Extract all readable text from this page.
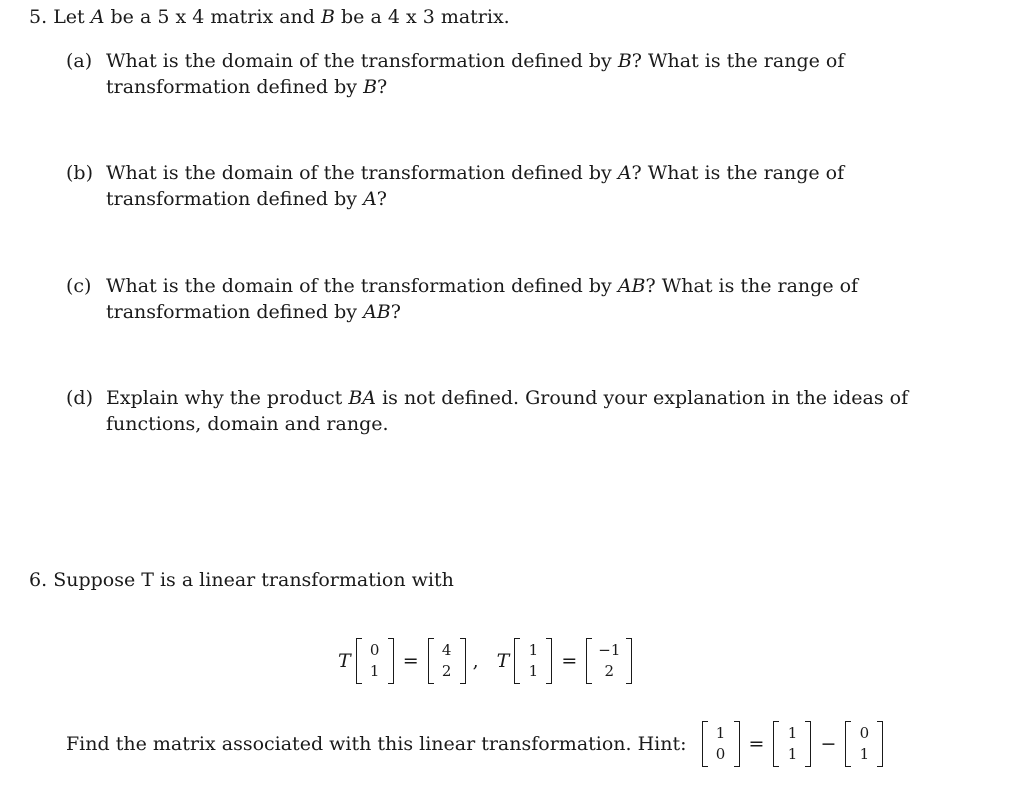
5. Let A be a 5 x 4 matrix and B be a 4 x 3 matrix.
(a) What is the domain of the transformation defined by B? What is the range of transformation defined by B?
(b) What is the domain of the transformation defined by A? What is the range of transformation defined by A?
(c) What is the domain of the transformation defined by AB? What is the range of transformation defined by AB?
(d) Explain why the product BA is not defined. Ground your explanation in the ideas of functions, domain and range.
6. Suppose T is a linear transformation with
T 0
1 = 4
2 , T 1
1 = −1
2
Find the matrix associated with this linear transformation. Hint: 1
0 = 1
1 − 0
1
